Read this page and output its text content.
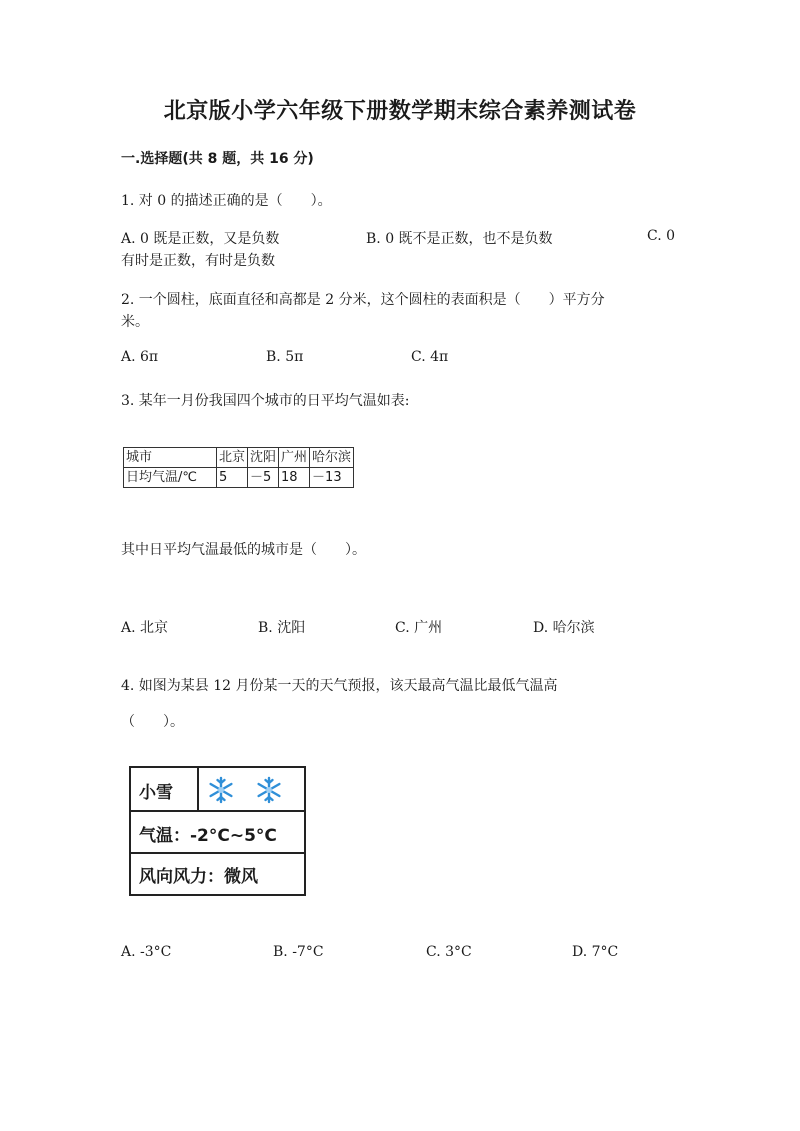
北京版小学六年级下册数学期末综合素养测试卷
一.选择题(共 8 题，共 16 分)
1. 对 0 的描述正确的是（　　）。
A. 0 既是正数，又是负数	B. 0 既不是正数，也不是负数	C. 0
有时是正数，有时是负数
2. 一个圆柱，底面直径和高都是 2 分米，这个圆柱的表面积是（　　）平方分
米。
A. 6π	B. 5π	C. 4π
3. 某年一月份我国四个城市的日平均气温如表:
城市	北京	沈阳	广州	哈尔滨
日均气温/℃	5	－5	18	－13
其中日平均气温最低的城市是（　　）。
A. 北京	B. 沈阳	C. 广州	D. 哈尔滨
4. 如图为某县 12 月份某一天的天气预报，该天最高气温比最低气温高
（　　）。
小雪
气温：-2°C~5°C
风向风力：微风
A. -3°C	B. -7°C	C. 3°C	D. 7°C
